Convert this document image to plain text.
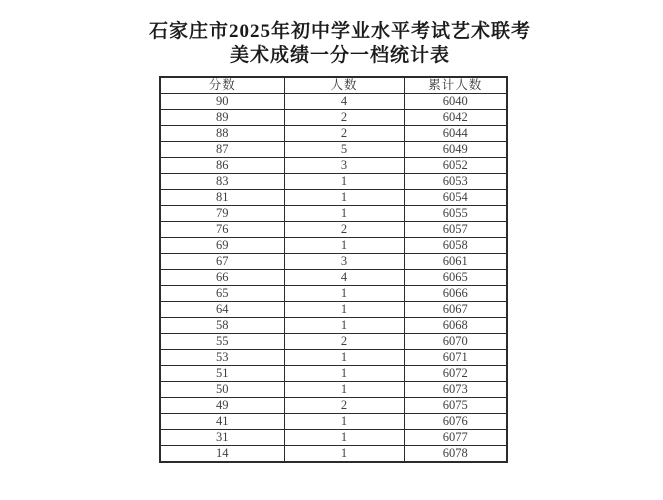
石家庄市2025年初中学业水平考试艺术联考
美术成绩一分一档统计表
分数	人数	累计人数
90	4	6040
89	2	6042
88	2	6044
87	5	6049
86	3	6052
83	1	6053
81	1	6054
79	1	6055
76	2	6057
69	1	6058
67	3	6061
66	4	6065
65	1	6066
64	1	6067
58	1	6068
55	2	6070
53	1	6071
51	1	6072
50	1	6073
49	2	6075
41	1	6076
31	1	6077
14	1	6078
